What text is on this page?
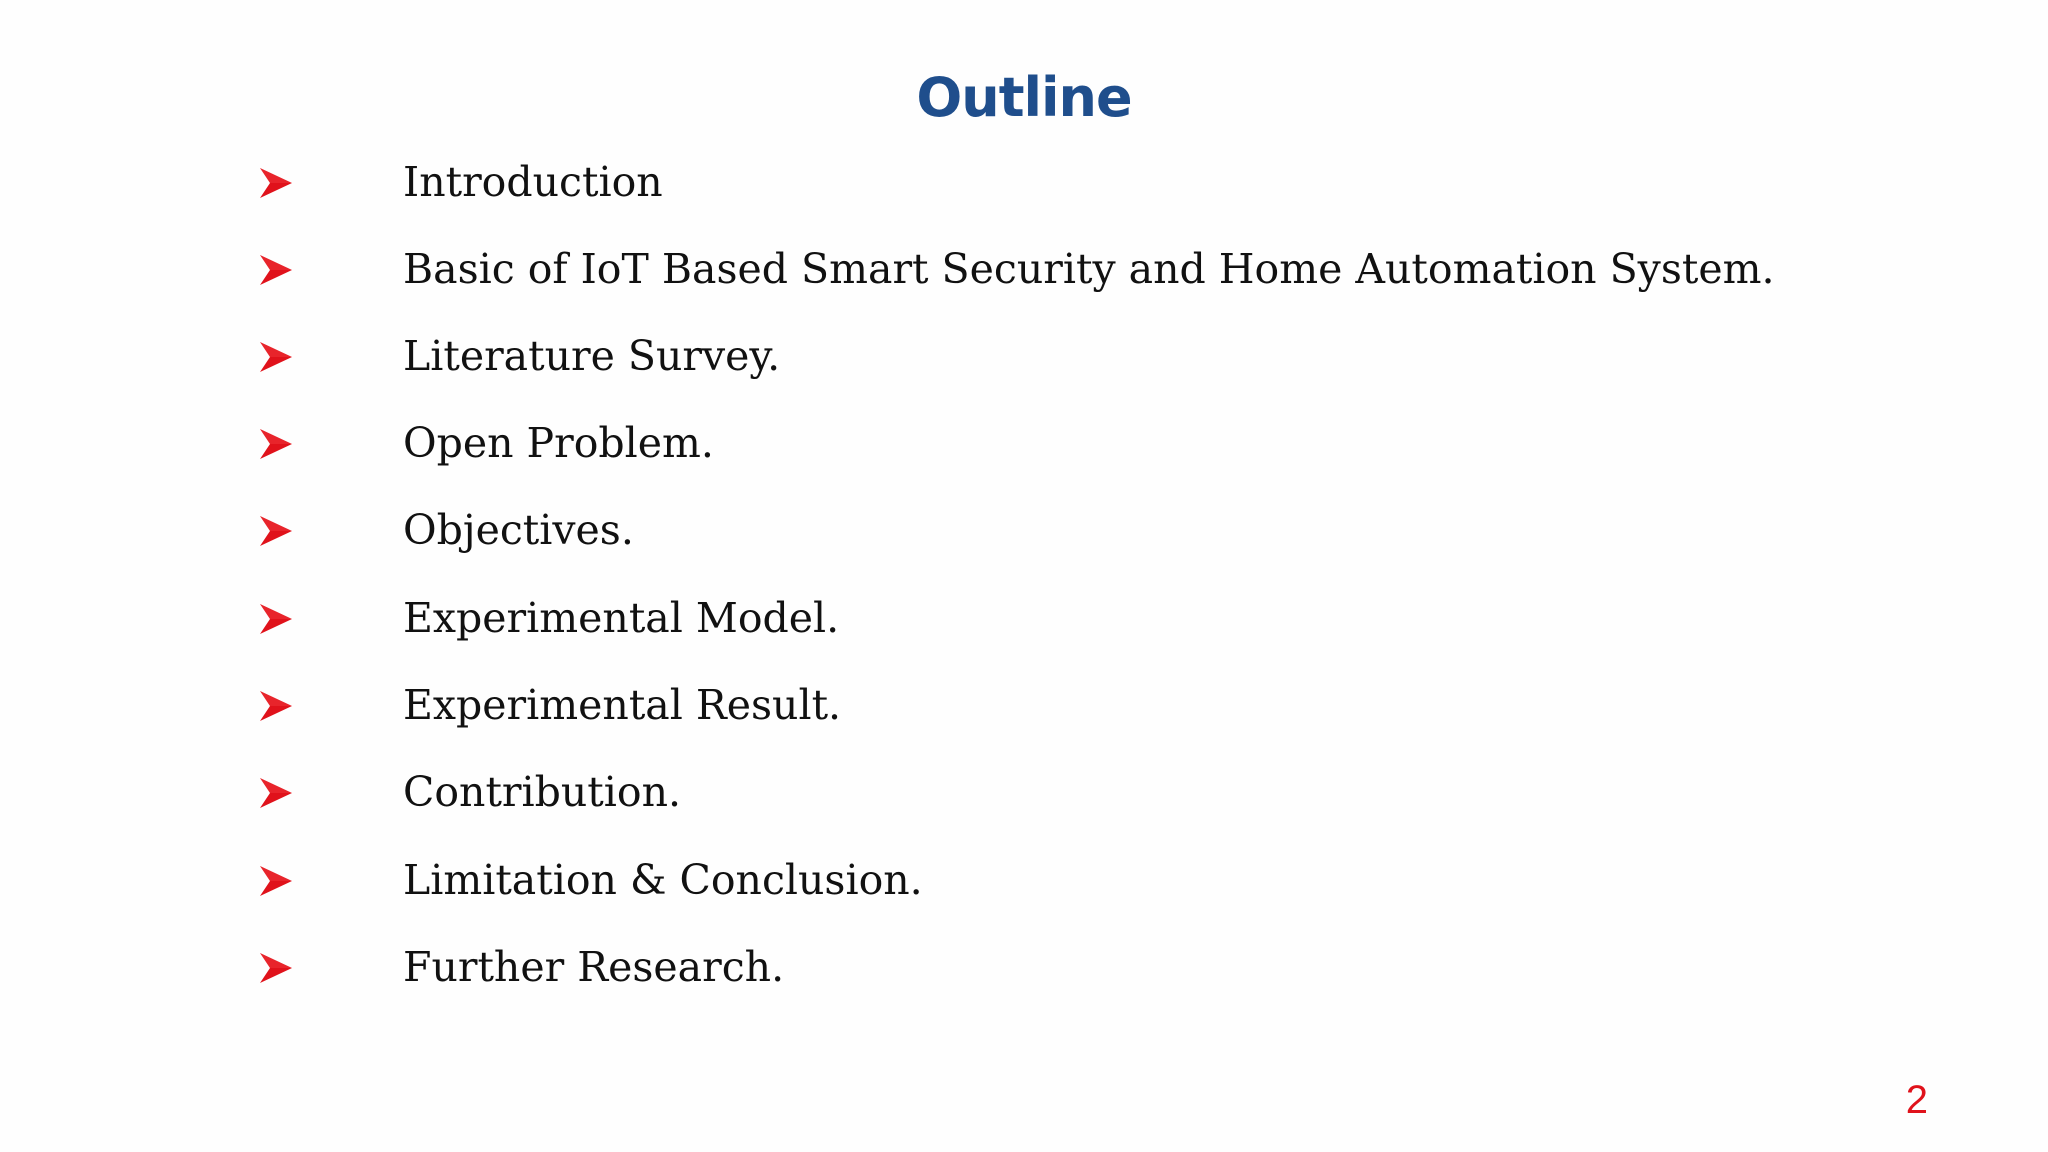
Outline
Introduction
Basic of IoT Based Smart Security and Home Automation System.
Literature Survey.
Open Problem.
Objectives.
Experimental Model.
Experimental Result.
Contribution.
Limitation & Conclusion.
Further Research.
2
